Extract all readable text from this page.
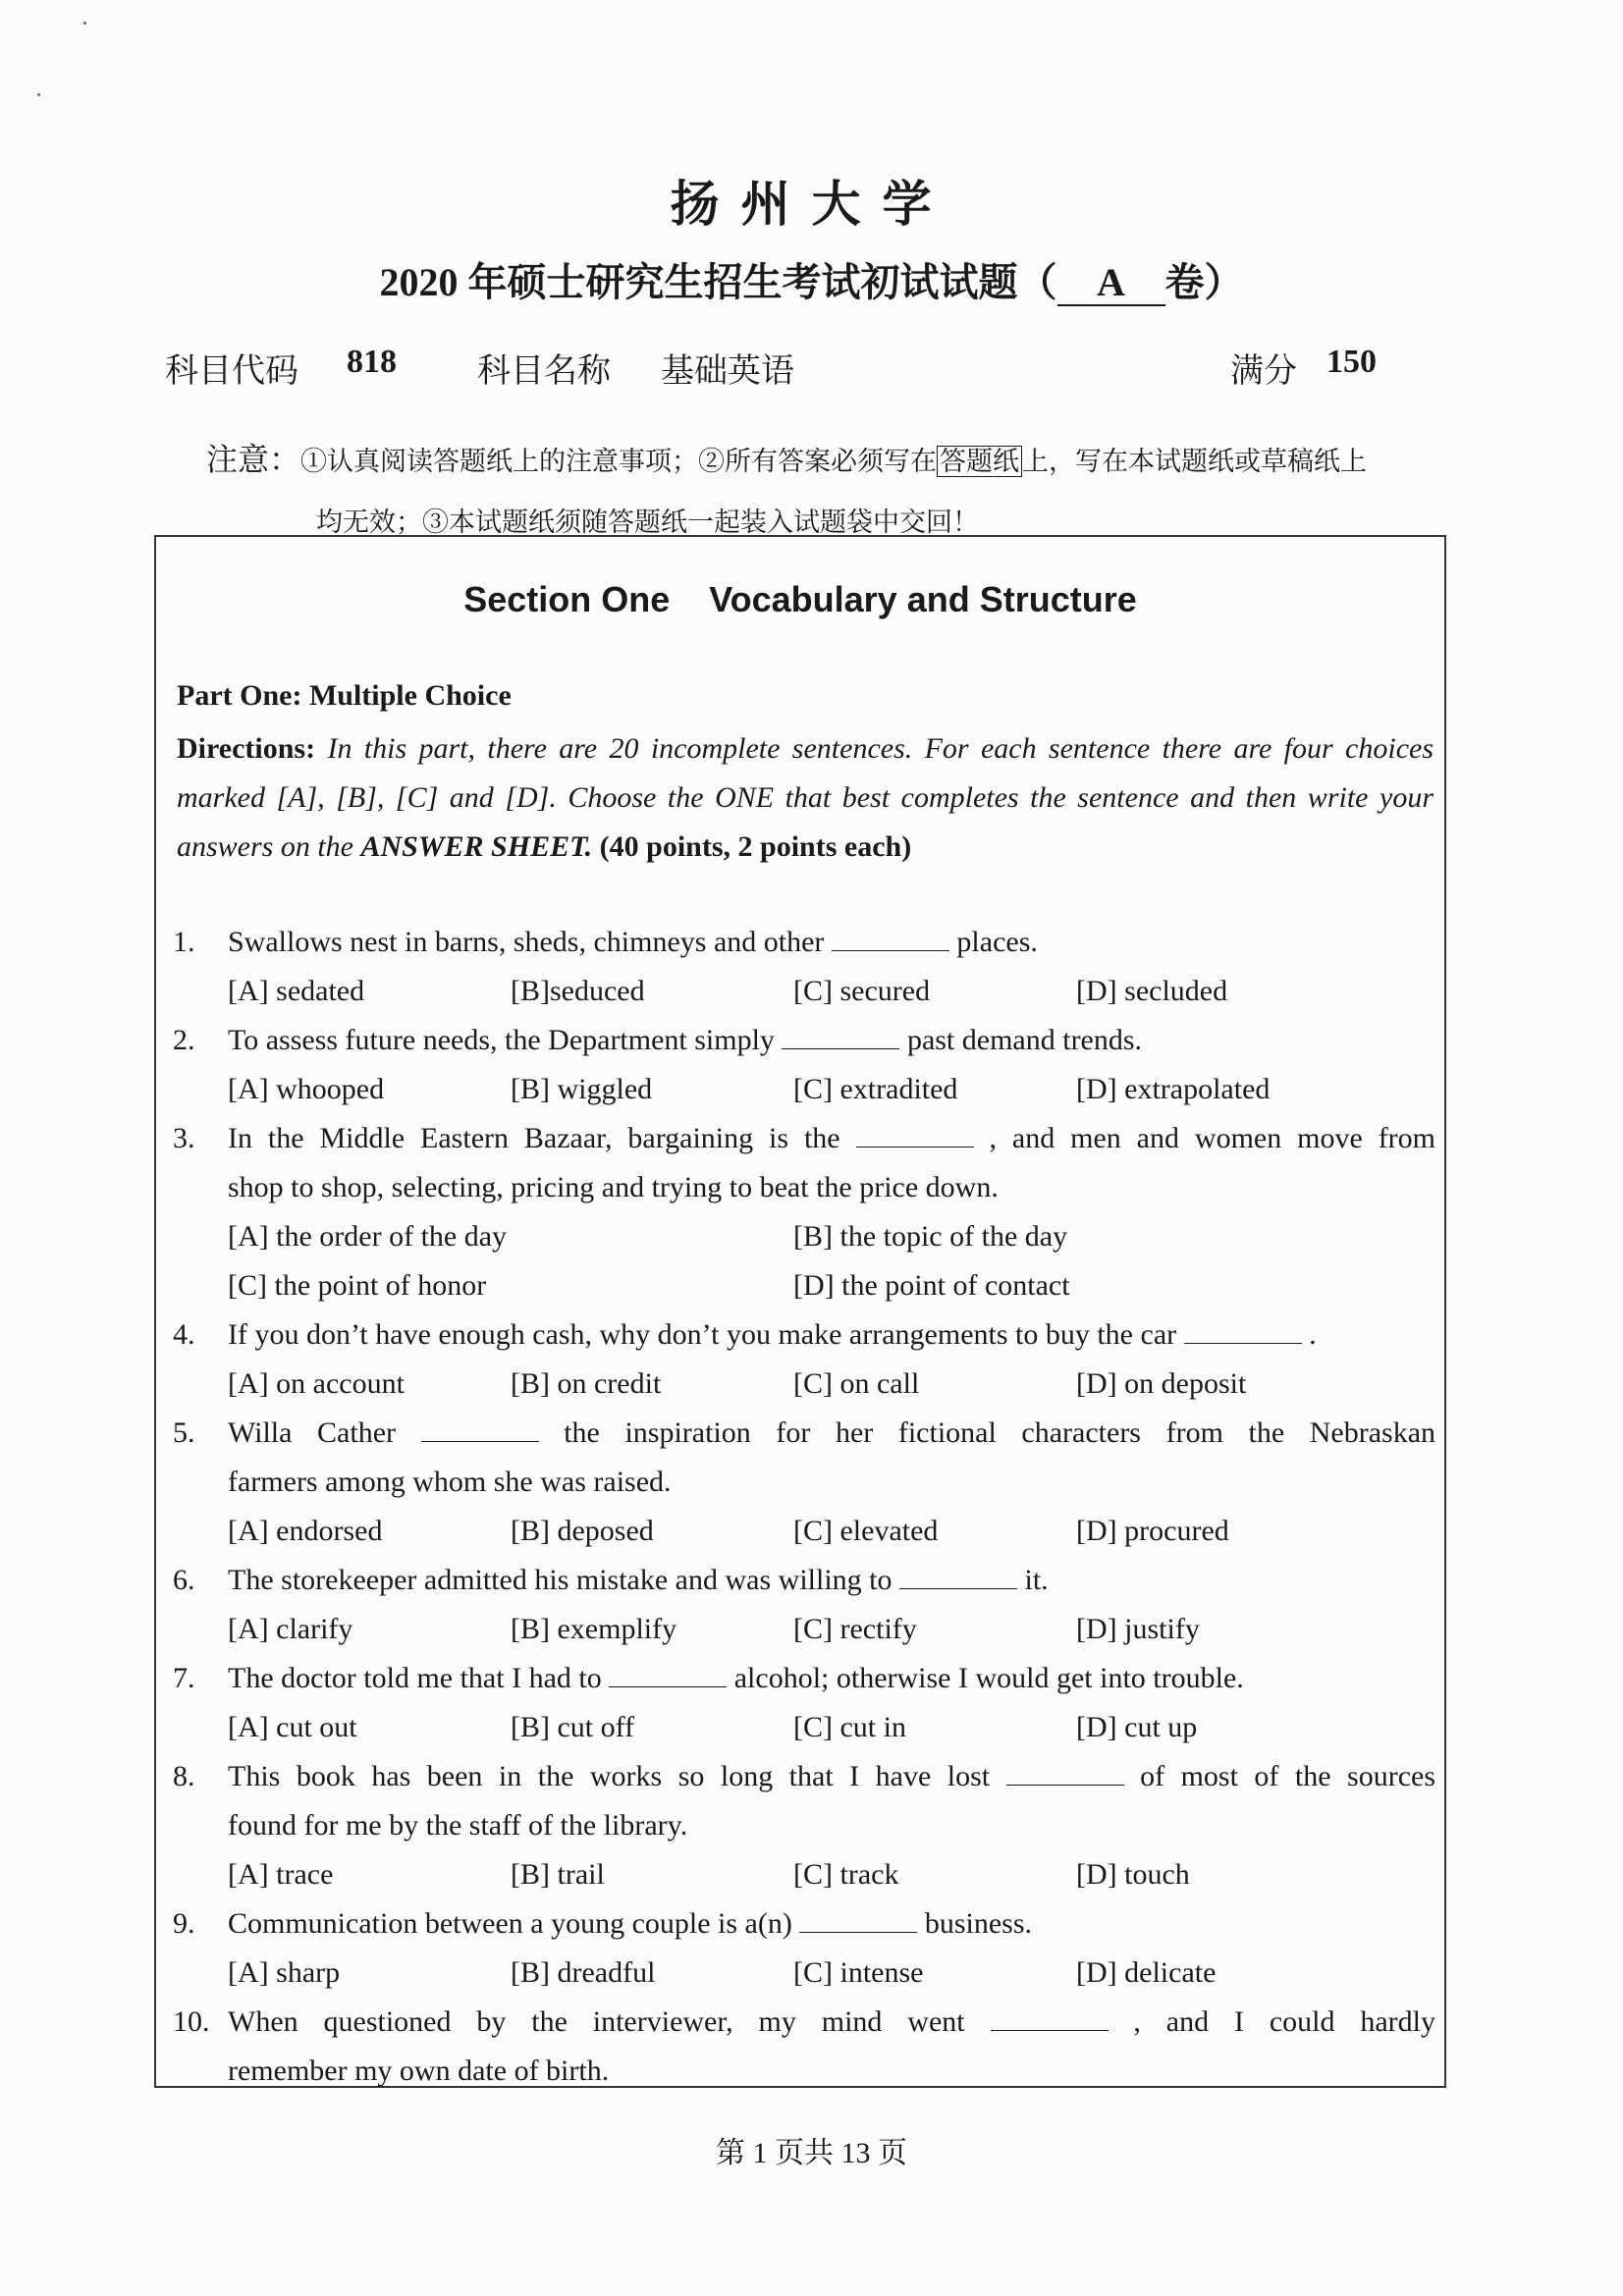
扬州大学
2020 年硕士研究生招生考试初试试题（ A 卷）
科目代码 818 科目名称 基础英语	满分 150
注意：①认真阅读答题纸上的注意事项；②所有答案必须写在 答题纸 上，写在本试题纸或草稿纸上
均无效；③本试题纸须随答题纸一起装入试题袋中交回！
Section One    Vocabulary and Structure
Part One: Multiple Choice
Directions: In this part, there are 20 incomplete sentences. For each sentence there are four choices marked [A], [B], [C] and [D]. Choose the ONE that best completes the sentence and then write your answers on the ANSWER SHEET. (40 points, 2 points each)
1. Swallows nest in barns, sheds, chimneys and other	places.
[A] sedated	[B]seduced	[C] secured	[D] secluded
2. To assess future needs, the Department simply	past demand trends.
[A] whooped	[B] wiggled	[C] extradited	[D] extrapolated
3. In the Middle Eastern Bazaar, bargaining is the	, and men and women move from
shop to shop, selecting, pricing and trying to beat the price down.
[A] the order of the day	[B] the topic of the day
[C] the point of honor	[D] the point of contact
4. If you don’t have enough cash, why don’t you make arrangements to buy the car	.
[A] on account	[B] on credit	[C] on call	[D] on deposit
5. Willa Cather	the inspiration for her fictional characters from the Nebraskan
farmers among whom she was raised.
[A] endorsed	[B] deposed	[C] elevated	[D] procured
6. The storekeeper admitted his mistake and was willing to	it.
[A] clarify	[B] exemplify	[C] rectify	[D] justify
7. The doctor told me that I had to	alcohol; otherwise I would get into trouble.
[A] cut out	[B] cut off	[C] cut in	[D] cut up
8. This book has been in the works so long that I have lost	of most of the sources
found for me by the staff of the library.
[A] trace	[B] trail	[C] track	[D] touch
9. Communication between a young couple is a(n)	business.
[A] sharp	[B] dreadful	[C] intense	[D] delicate
10. When questioned by the interviewer, my mind went	, and I could hardly
remember my own date of birth.
第 1 页共 13 页
